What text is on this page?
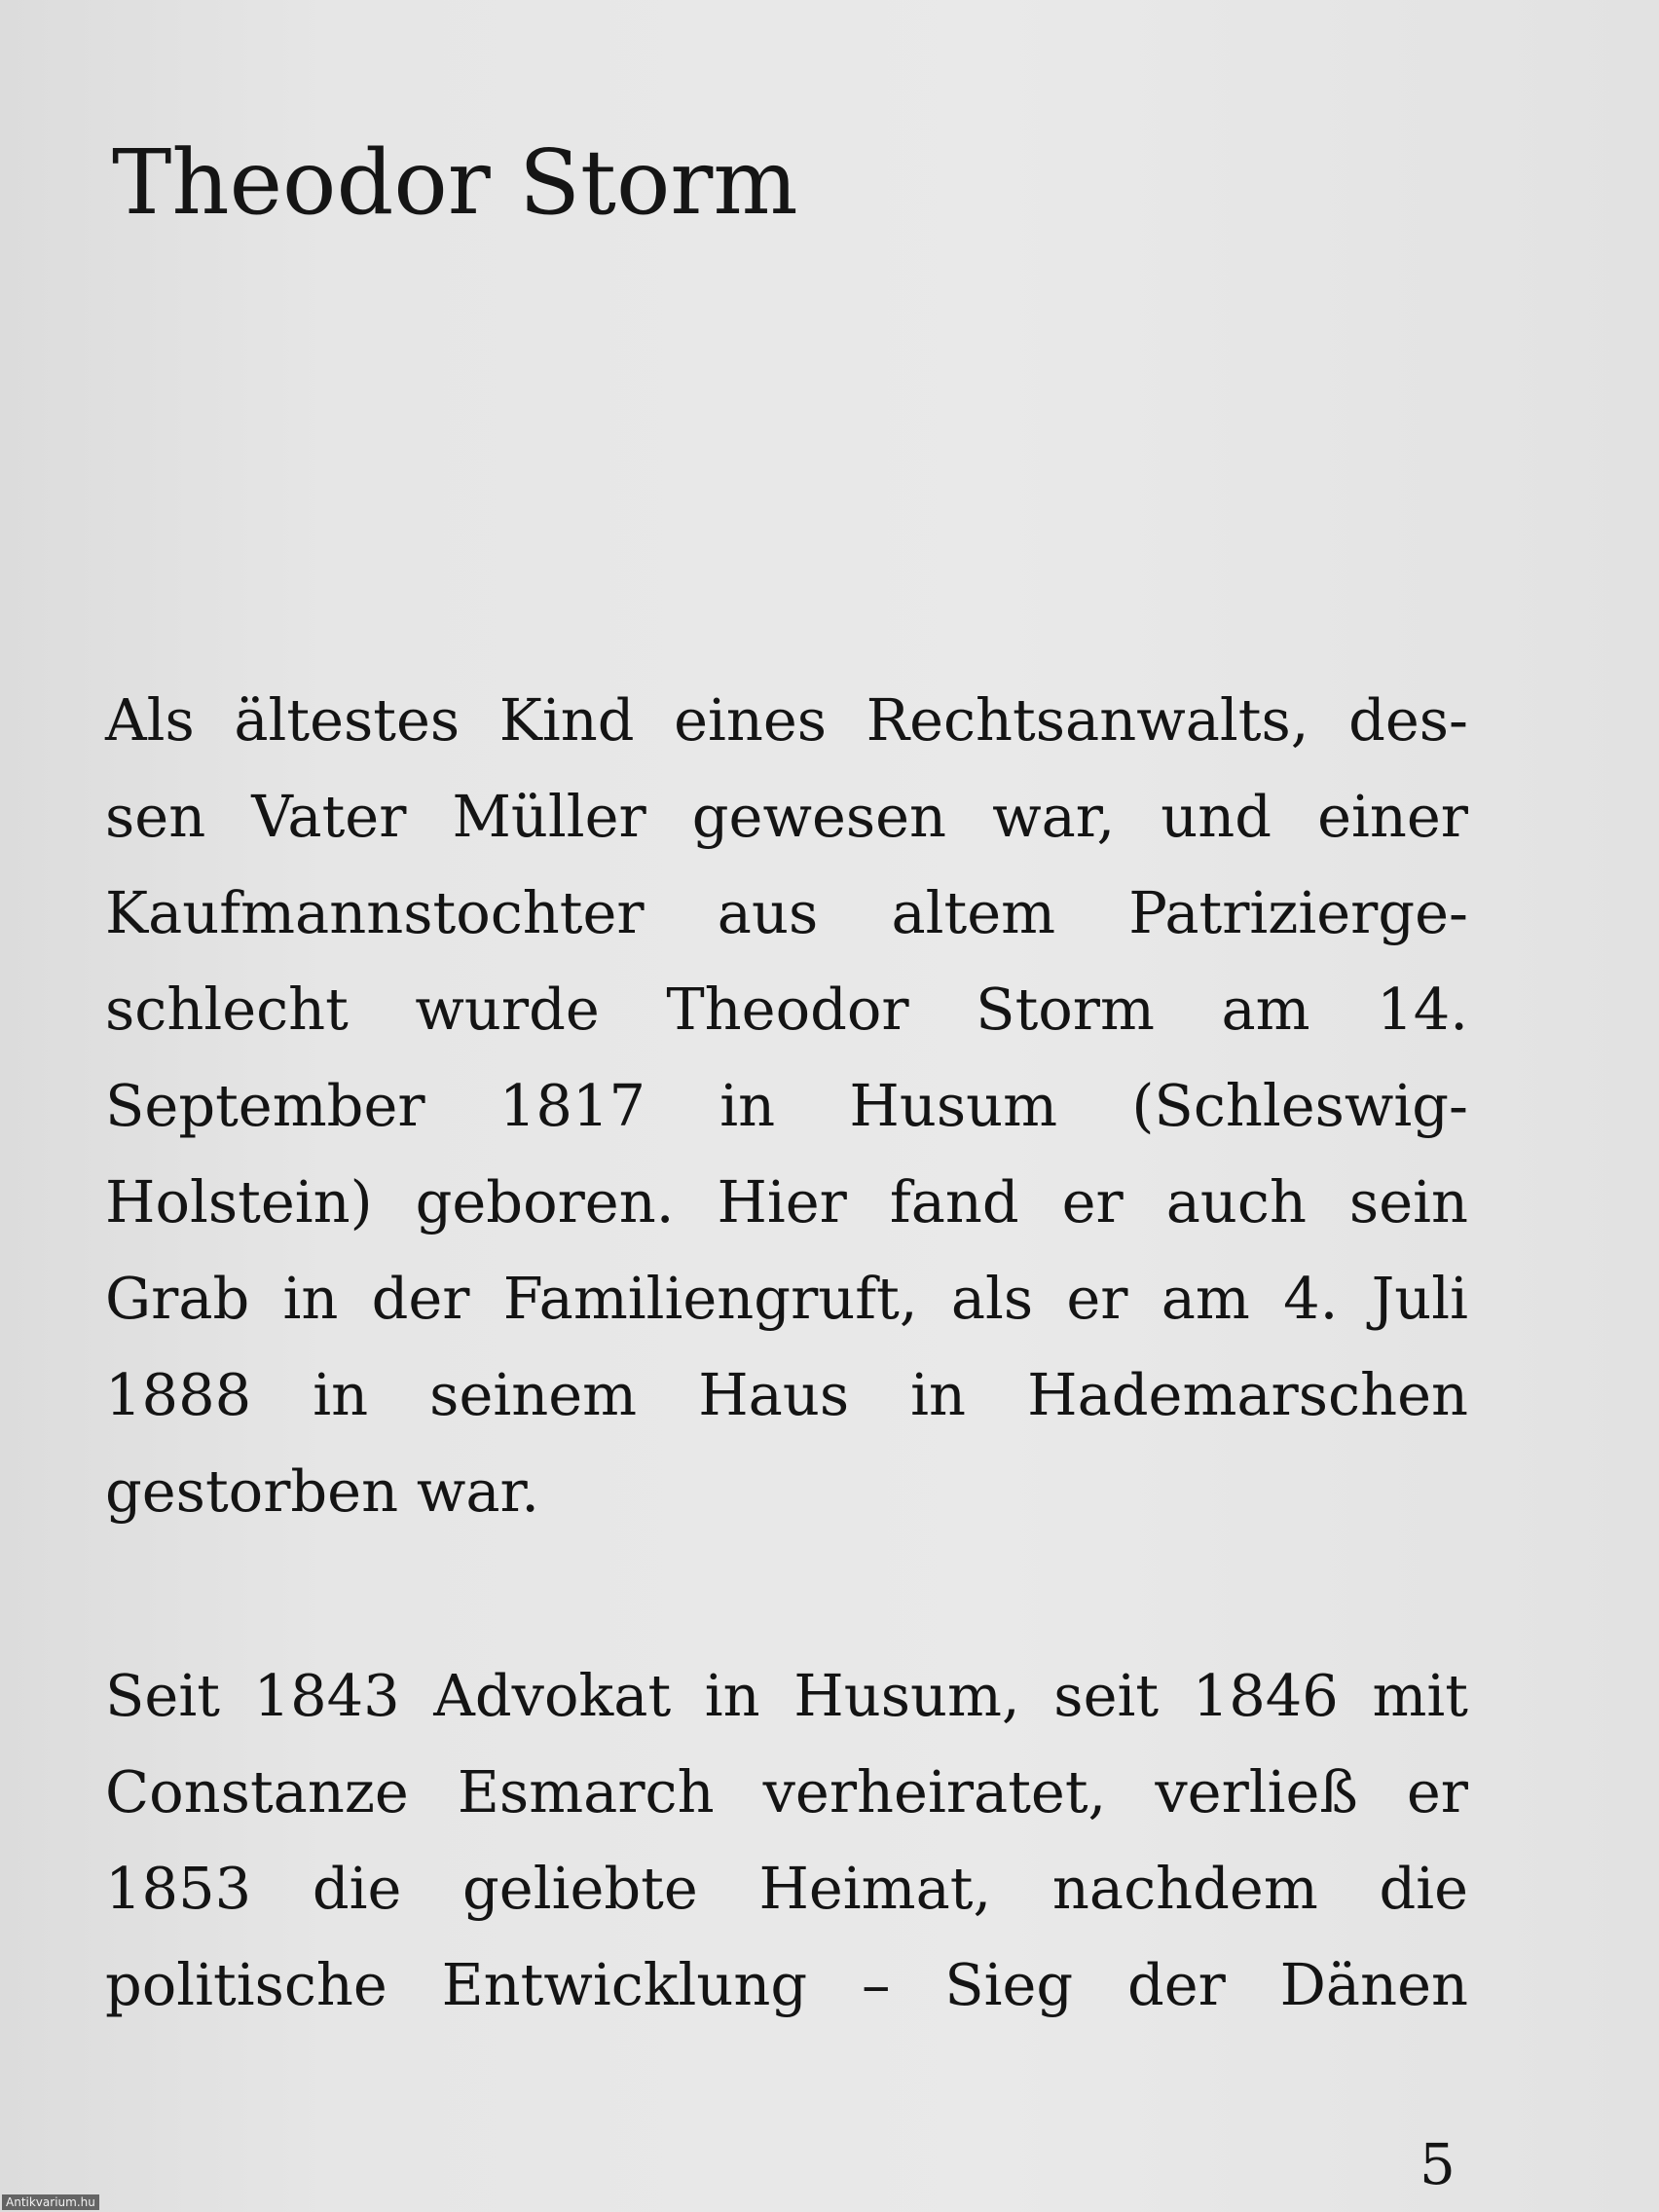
Theodor Storm
Als ältestes Kind eines Rechtsanwalts, des-
sen Vater Müller gewesen war, und einer
Kaufmannstochter aus altem Patrizierge-
schlecht wurde Theodor Storm am 14.
September 1817 in Husum (Schleswig-
Holstein) geboren. Hier fand er auch sein
Grab in der Familiengruft, als er am 4. Juli
1888 in seinem Haus in Hademarschen
gestorben war.
Seit 1843 Advokat in Husum, seit 1846 mit
Constanze Esmarch verheiratet, verließ er
1853 die geliebte Heimat, nachdem die
politische Entwicklung – Sieg der Dänen
5
Antikvarium.hu
